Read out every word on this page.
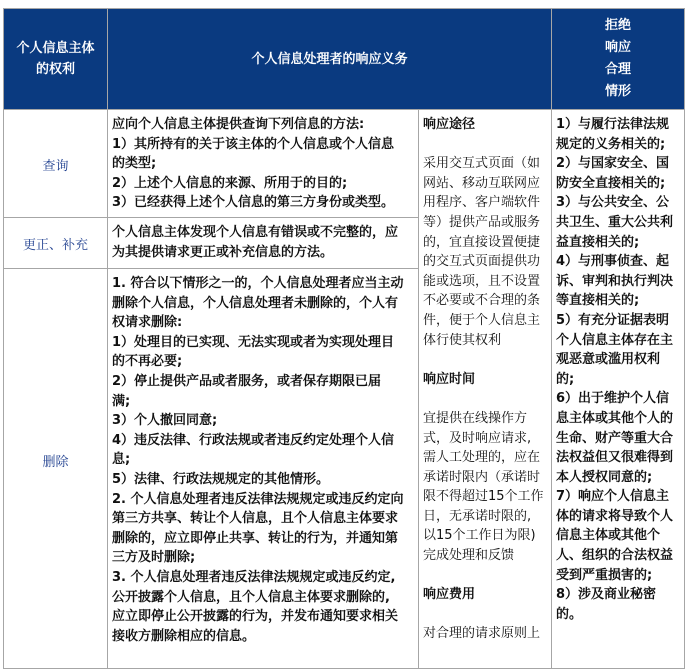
个人信息主体
的权利
个人信息处理者的响应义务
拒绝
响应
合理
情形
查询
应向个人信息主体提供查询下列信息的方法:
1）其所持有的关于该主体的个人信息或个人信息
的类型;
2）上述个人信息的来源、所用于的目的;
3）已经获得上述个人信息的第三方身份或类型。
更正、补充
个人信息主体发现个人信息有错误或不完整的，应
为其提供请求更正或补充信息的方法。
删除
1. 符合以下情形之一的，个人信息处理者应当主动
删除个人信息，个人信息处理者未删除的，个人有
权请求删除:
1）处理目的已实现、无法实现或者为实现处理目
的不再必要;
2）停止提供产品或者服务，或者保存期限已届
满;
3）个人撤回同意;
4）违反法律、行政法规或者违反约定处理个人信
息;
5）法律、行政法规规定的其他情形。
2. 个人信息处理者违反法律法规规定或违反约定向
第三方共享、转让个人信息，且个人信息主体要求
删除的，应立即停止共享、转让的行为，并通知第
三方及时删除;
3. 个人信息处理者违反法律法规规定或违反约定,
公开披露个人信息，且个人信息主体要求删除的,
应立即停止公开披露的行为，并发布通知要求相关
接收方删除相应的信息。
响应途径

采用交互式页面（如
网站、移动互联网应
用程序、客户端软件
等）提供产品或服务
的，宜直接设置便捷
的交互式页面提供功
能或选项，且不设置
不必要或不合理的条
件，便于个人信息主
体行使其权利

响应时间

宜提供在线操作方
式，及时响应请求,
需人工处理的，应在
承诺时限内（承诺时
限不得超过15个工作
日，无承诺时限的,
以15个工作日为限)
完成处理和反馈

响应费用

对合理的请求原则上
1）与履行法律法规
规定的义务相关的;
2）与国家安全、国
防安全直接相关的;
3）与公共安全、公
共卫生、重大公共利
益直接相关的;
4）与刑事侦查、起
诉、审判和执行判决
等直接相关的;
5）有充分证据表明
个人信息主体存在主
观恶意或滥用权利
的;
6）出于维护个人信
息主体或其他个人的
生命、财产等重大合
法权益但又很难得到
本人授权同意的;
7）响应个人信息主
体的请求将导致个人
信息主体或其他个
人、组织的合法权益
受到严重损害的;
8）涉及商业秘密
的。
